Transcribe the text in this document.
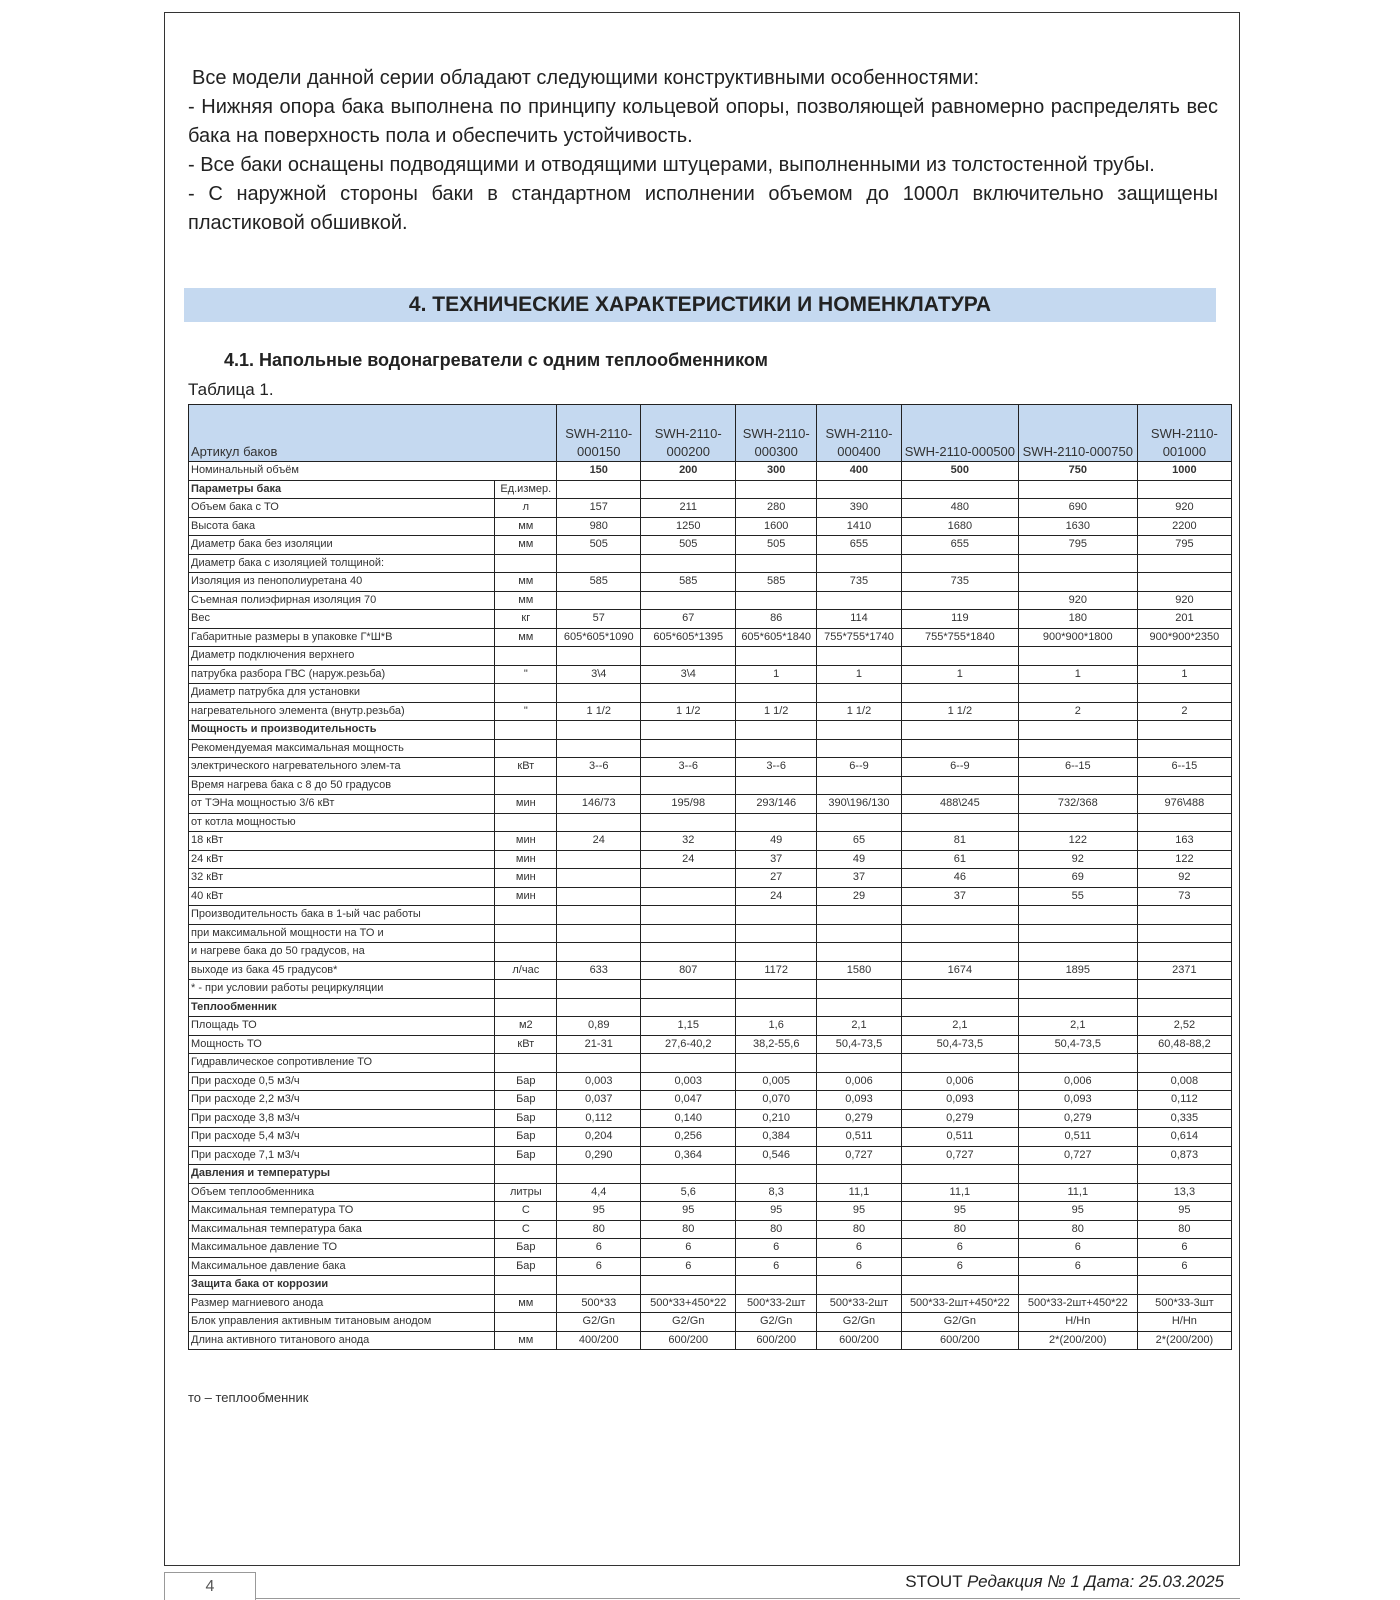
Все модели данной серии обладают следующими конструктивными особенностями:

- Нижняя опора бака выполнена по принципу кольцевой опоры, позволяющей равномерно распределять вес бака на поверхность пола и обеспечить устойчивость.

- Все баки оснащены подводящими и отводящими штуцерами, выполненными из толстостенной трубы.

- С наружной стороны баки в стандартном исполнении объемом до 1000л включительно защищены пластиковой обшивкой.

4. ТЕХНИЧЕСКИЕ ХАРАКТЕРИСТИКИ И НОМЕНКЛАТУРА
4.1. Напольные водонагреватели с одним теплообменником
Таблица 1.
Артикул баков		SWH-2110-000150	SWH-2110-000200	SWH-2110-000300	SWH-2110-000400	SWH-2110-000500	SWH-2110-000750	SWH-2110-001000
Номинальный объём		150	200	300	400	500	750	1000
Параметры бака	Ед.измер.							
Объем бака с ТО	л	157	211	280	390	480	690	920
Высота бака	мм	980	1250	1600	1410	1680	1630	2200
Диаметр бака без изоляции	мм	505	505	505	655	655	795	795
Диаметр бака с изоляцией толщиной:								
Изоляция из пенополиуретана 40	мм	585	585	585	735	735		
Съемная полиэфирная изоляция 70	мм						920	920
Вес	кг	57	67	86	114	119	180	201
Габаритные размеры в упаковке Г*Ш*В	мм	605*605*1090	605*605*1395	605*605*1840	755*755*1740	755*755*1840	900*900*1800	900*900*2350
Диаметр подключения верхнего								
патрубка разбора ГВС (наруж.резьба)	"	3\4	3\4	1	1	1	1	1
Диаметр патрубка для установки								
нагревательного элемента (внутр.резьба)	"	1 1/2	1 1/2	1 1/2	1 1/2	1 1/2	2	2
Мощность и производительность								
Рекомендуемая максимальная мощность								
электрического нагревательного элем-та	кВт	3--6	3--6	3--6	6--9	6--9	6--15	6--15
Время нагрева бака с 8 до 50 градусов								
от ТЭНа мощностью 3/6 кВт	мин	146/73	195/98	293/146	390\196/130	488\245	732/368	976\488
от котла мощностью								
18 кВт	мин	24	32	49	65	81	122	163
24 кВт	мин		24	37	49	61	92	122
32 кВт	мин			27	37	46	69	92
40 кВт	мин			24	29	37	55	73
Производительность бака в 1-ый час работы								
при максимальной мощности на ТО и								
и нагреве бака до 50 градусов, на								
выходе из бака 45 градусов*	л/час	633	807	1172	1580	1674	1895	2371
* - при условии работы рециркуляции								
Теплообменник								
Площадь ТО	м2	0,89	1,15	1,6	2,1	2,1	2,1	2,52
Мощность ТО	кВт	21-31	27,6-40,2	38,2-55,6	50,4-73,5	50,4-73,5	50,4-73,5	60,48-88,2
Гидравлическое сопротивление ТО								
При расходе 0,5 м3/ч	Бар	0,003	0,003	0,005	0,006	0,006	0,006	0,008
При расходе 2,2 м3/ч	Бар	0,037	0,047	0,070	0,093	0,093	0,093	0,112
При расходе 3,8 м3/ч	Бар	0,112	0,140	0,210	0,279	0,279	0,279	0,335
При расходе 5,4 м3/ч	Бар	0,204	0,256	0,384	0,511	0,511	0,511	0,614
При расходе 7,1 м3/ч	Бар	0,290	0,364	0,546	0,727	0,727	0,727	0,873
Давления и температуры								
Объем теплообменника	литры	4,4	5,6	8,3	11,1	11,1	11,1	13,3
Максимальная температура ТО	С	95	95	95	95	95	95	95
Максимальная температура бака	С	80	80	80	80	80	80	80
Максимальное давление ТО	Бар	6	6	6	6	6	6	6
Максимальное давление бака	Бар	6	6	6	6	6	6	6
Защита бака от коррозии								
Размер магниевого анода	мм	500*33	500*33+450*22	500*33-2шт	500*33-2шт	500*33-2шт+450*22	500*33-2шт+450*22	500*33-3шт
Блок управления активным титановым анодом		G2/Gn	G2/Gn	G2/Gn	G2/Gn	G2/Gn	H/Hn	H/Hn
Длина активного титанового анода	мм	400/200	600/200	600/200	600/200	600/200	2*(200/200)	2*(200/200)
то – теплообменник
4	STOUT Редакция № 1 Дата: 25.03.2025
